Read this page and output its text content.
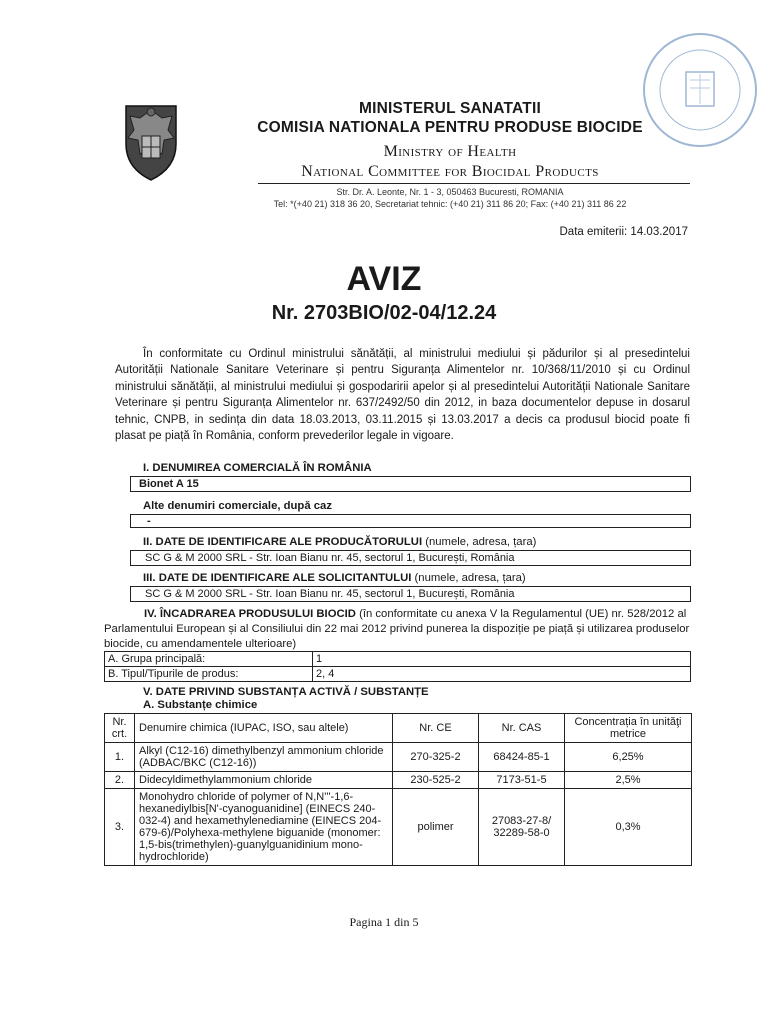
MINISTERUL SANATATII
COMISIA NATIONALA PENTRU PRODUSE BIOCIDE
Ministry of Health
National Committee for Biocidal Products
Str. Dr. A. Leonte, Nr. 1 - 3, 050463 Bucuresti, ROMANIA
Tel: *(+40 21) 318 36 20, Secretariat tehnic: (+40 21) 311 86 20; Fax: (+40 21) 311 86 22
Data emiterii: 14.03.2017
AVIZ
Nr. 2703BIO/02-04/12.24
În conformitate cu Ordinul ministrului sănătății, al ministrului mediului și pădurilor și al presedintelui Autorității Nationale Sanitare Veterinare și pentru Siguranța Alimentelor nr. 10/368/11/2010 și cu Ordinul ministrului sănătății, al ministrului mediului și gospodaririi apelor și al presedintelui Autorității Nationale Sanitare Veterinare și pentru Siguranța Alimentelor nr. 637/2492/50 din 2012, in baza documentelor depuse in dosarul tehnic, CNPB, in sedința din data 18.03.2013, 03.11.2015 și 13.03.2017 a decis ca produsul biocid poate fi plasat pe piață în România, conform prevederilor legale in vigoare.
I. DENUMIREA COMERCIALĂ ÎN ROMÂNIA
Bionet A 15
Alte denumiri comerciale, după caz
-
II. DATE DE IDENTIFICARE ALE PRODUCĂTORULUI (numele, adresa, țara)
SC G & M 2000 SRL - Str. Ioan Bianu nr. 45, sectorul 1, București, România
III. DATE DE IDENTIFICARE ALE SOLICITANTULUI (numele, adresa, țara)
SC G & M 2000 SRL - Str. Ioan Bianu nr. 45, sectorul 1, București, România
IV. ÎNCADRAREA PRODUSULUI BIOCID (în conformitate cu anexa V la Regulamentul (UE) nr. 528/2012 al Parlamentului European și al Consiliului din 22 mai 2012 privind punerea la dispoziție pe piață și utilizarea produselor biocide, cu amendamentele ulterioare)
A. Grupa principală:	1
B. Tipul/Tipurile de produs:	2, 4
V. DATE PRIVIND SUBSTANȚA ACTIVĂ / SUBSTANȚE
A. Substanțe chimice
Nr. crt.	Denumire chimica (IUPAC, ISO, sau altele)	Nr. CE	Nr. CAS	Concentrația în unităţi metrice
1.	Alkyl (C12-16) dimethylbenzyl ammonium chloride (ADBAC/BKC (C12-16))	270-325-2	68424-85-1	6,25%
2.	Didecyldimethylammonium chloride	230-525-2	7173-51-5	2,5%
3.	Monohydro chloride of polymer of N,N'''-1,6-hexanediylbis[N'-cyanoguanidine] (EINECS 240-032-4) and hexamethylenediamine (EINECS 204-679-6)/Polyhexa-methylene biguanide (monomer: 1,5-bis(trimethylen)-guanylguanidinium mono-hydrochloride)	polimer	27083-27-8/ 32289-58-0	0,3%
Pagina 1 din 5
